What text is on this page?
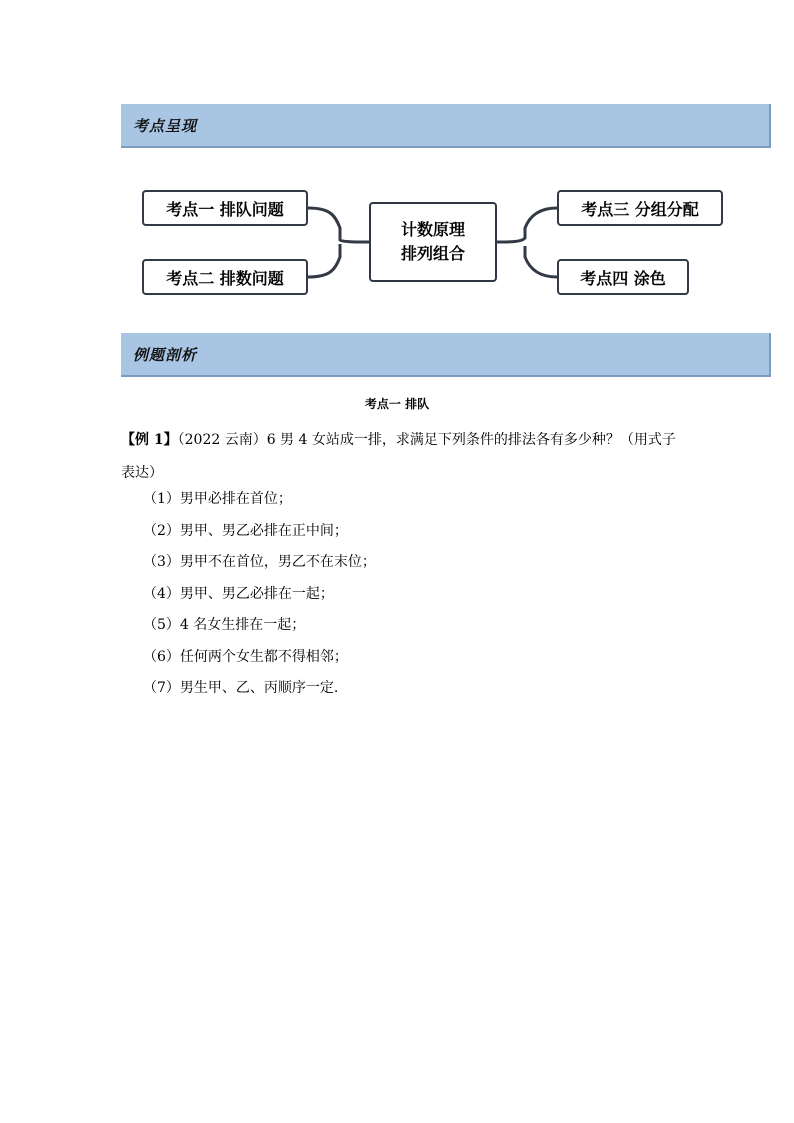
考点呈现
考点一 排队问题
考点二 排数问题
计数原理
排列组合
考点三 分组分配
考点四 涂色
例题剖析
考点一 排队
【例 1】（2022 云南）6 男 4 女站成一排，求满足下列条件的排法各有多少种？（用式子表达）
（1）男甲必排在首位；
（2）男甲、男乙必排在正中间；
（3）男甲不在首位，男乙不在末位；
（4）男甲、男乙必排在一起；
（5）4 名女生排在一起；
（6）任何两个女生都不得相邻；
（7）男生甲、乙、丙顺序一定.
